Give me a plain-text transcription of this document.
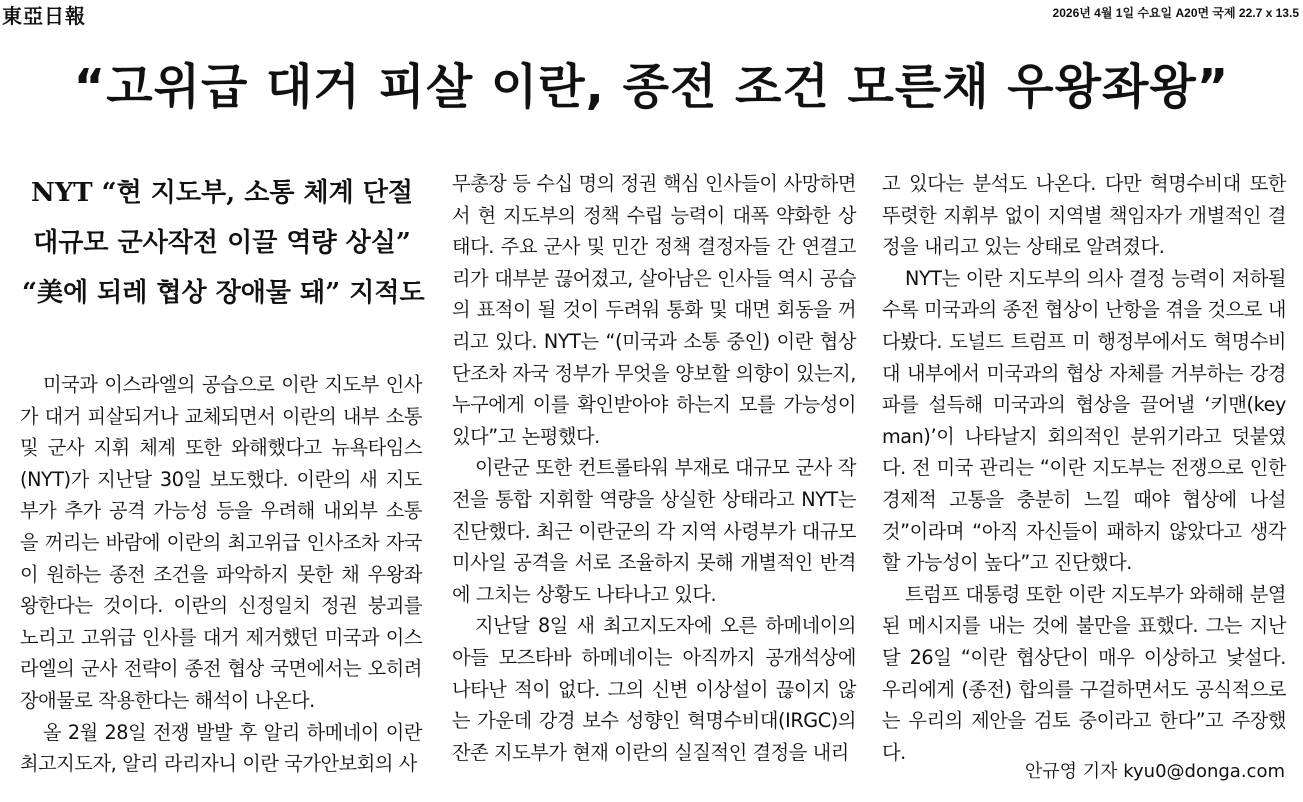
東亞日報	2026년 4월 1일 수요일 A20면 국제 22.7 x 13.5
“고위급 대거 피살 이란, 종전 조건 모른채 우왕좌왕”
NYT “현 지도부, 소통 체계 단절
대규모 군사작전 이끌 역량 상실”
“美에 되레 협상 장애물 돼” 지적도

미국과 이스라엘의 공습으로 이란 지도부 인사가 대거 피살되거나 교체되면서 이란의 내부 소통 및 군사 지휘 체계 또한 와해했다고 뉴욕타임스(NYT)가 지난달 30일 보도했다. 이란의 새 지도부가 추가 공격 가능성 등을 우려해 내외부 소통을 꺼리는 바람에 이란의 최고위급 인사조차 자국이 원하는 종전 조건을 파악하지 못한 채 우왕좌왕한다는 것이다. 이란의 신정일치 정권 붕괴를 노리고 고위급 인사를 대거 제거했던 미국과 이스라엘의 군사 전략이 종전 협상 국면에서는 오히려 장애물로 작용한다는 해석이 나온다.

올 2월 28일 전쟁 발발 후 알리 하메네이 이란 최고지도자, 알리 라리자니 이란 국가안보회의 사

무총장 등 수십 명의 정권 핵심 인사들이 사망하면서 현 지도부의 정책 수립 능력이 대폭 약화한 상태다. 주요 군사 및 민간 정책 결정자들 간 연결고리가 대부분 끊어졌고, 살아남은 인사들 역시 공습의 표적이 될 것이 두려워 통화 및 대면 회동을 꺼리고 있다. NYT는 “(미국과 소통 중인) 이란 협상단조차 자국 정부가 무엇을 양보할 의향이 있는지, 누구에게 이를 확인받아야 하는지 모를 가능성이 있다”고 논평했다.

이란군 또한 컨트롤타워 부재로 대규모 군사 작전을 통합 지휘할 역량을 상실한 상태라고 NYT는 진단했다. 최근 이란군의 각 지역 사령부가 대규모 미사일 공격을 서로 조율하지 못해 개별적인 반격에 그치는 상황도 나타나고 있다.

지난달 8일 새 최고지도자에 오른 하메네이의 아들 모즈타바 하메네이는 아직까지 공개석상에 나타난 적이 없다. 그의 신변 이상설이 끊이지 않는 가운데 강경 보수 성향인 혁명수비대(IRGC)의 잔존 지도부가 현재 이란의 실질적인 결정을 내리

고 있다는 분석도 나온다. 다만 혁명수비대 또한 뚜렷한 지휘부 없이 지역별 책임자가 개별적인 결정을 내리고 있는 상태로 알려졌다.

NYT는 이란 지도부의 의사 결정 능력이 저하될수록 미국과의 종전 협상이 난항을 겪을 것으로 내다봤다. 도널드 트럼프 미 행정부에서도 혁명수비대 내부에서 미국과의 협상 자체를 거부하는 강경파를 설득해 미국과의 협상을 끌어낼 ‘키맨(key man)’이 나타날지 회의적인 분위기라고 덧붙였다. 전 미국 관리는 “이란 지도부는 전쟁으로 인한 경제적 고통을 충분히 느낄 때야 협상에 나설 것”이라며 “아직 자신들이 패하지 않았다고 생각할 가능성이 높다”고 진단했다.

트럼프 대통령 또한 이란 지도부가 와해해 분열된 메시지를 내는 것에 불만을 표했다. 그는 지난달 26일 “이란 협상단이 매우 이상하고 낯설다. 우리에게 (종전) 합의를 구걸하면서도 공식적으로는 우리의 제안을 검토 중이라고 한다”고 주장했다.

안규영 기자 kyu0@donga.com
